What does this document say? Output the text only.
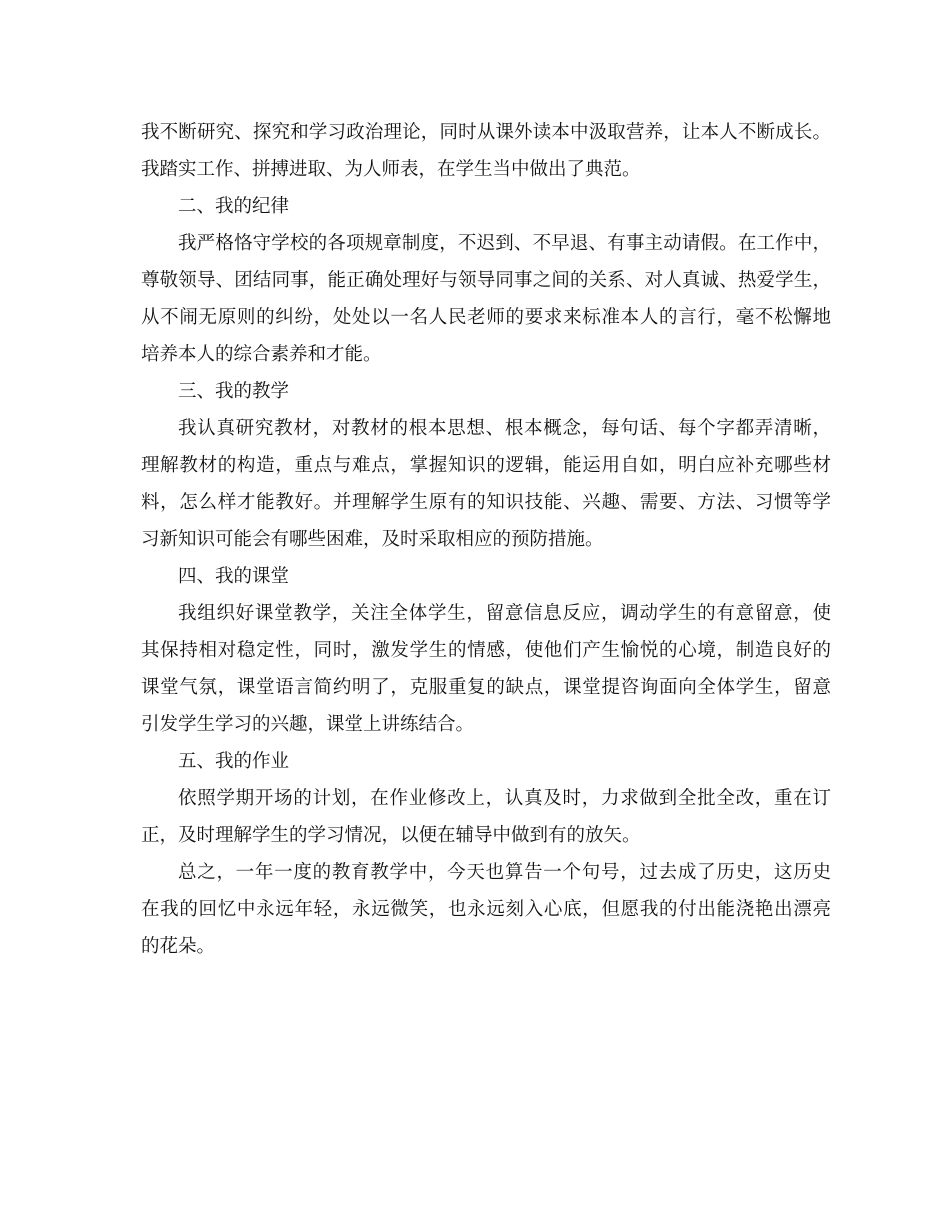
我不断研究、探究和学习政治理论，同时从课外读本中汲取营养，让本人不断成长。
我踏实工作、拼搏进取、为人师表，在学生当中做出了典范。
二、我的纪律
我严格恪守学校的各项规章制度，不迟到、不早退、有事主动请假。在工作中，
尊敬领导、团结同事，能正确处理好与领导同事之间的关系、对人真诚、热爱学生，
从不闹无原则的纠纷，处处以一名人民老师的要求来标准本人的言行，毫不松懈地
培养本人的综合素养和才能。
三、我的教学
我认真研究教材，对教材的根本思想、根本概念，每句话、每个字都弄清晰，
理解教材的构造，重点与难点，掌握知识的逻辑，能运用自如，明白应补充哪些材
料，怎么样才能教好。并理解学生原有的知识技能、兴趣、需要、方法、习惯等学
习新知识可能会有哪些困难，及时采取相应的预防措施。
四、我的课堂
我组织好课堂教学，关注全体学生，留意信息反应，调动学生的有意留意，使
其保持相对稳定性，同时，激发学生的情感，使他们产生愉悦的心境，制造良好的
课堂气氛，课堂语言简约明了，克服重复的缺点，课堂提咨询面向全体学生，留意
引发学生学习的兴趣，课堂上讲练结合。
五、我的作业
依照学期开场的计划，在作业修改上，认真及时，力求做到全批全改，重在订
正，及时理解学生的学习情况，以便在辅导中做到有的放矢。
总之，一年一度的教育教学中，今天也算告一个句号，过去成了历史，这历史
在我的回忆中永远年轻，永远微笑，也永远刻入心底，但愿我的付出能浇艳出漂亮
的花朵。
